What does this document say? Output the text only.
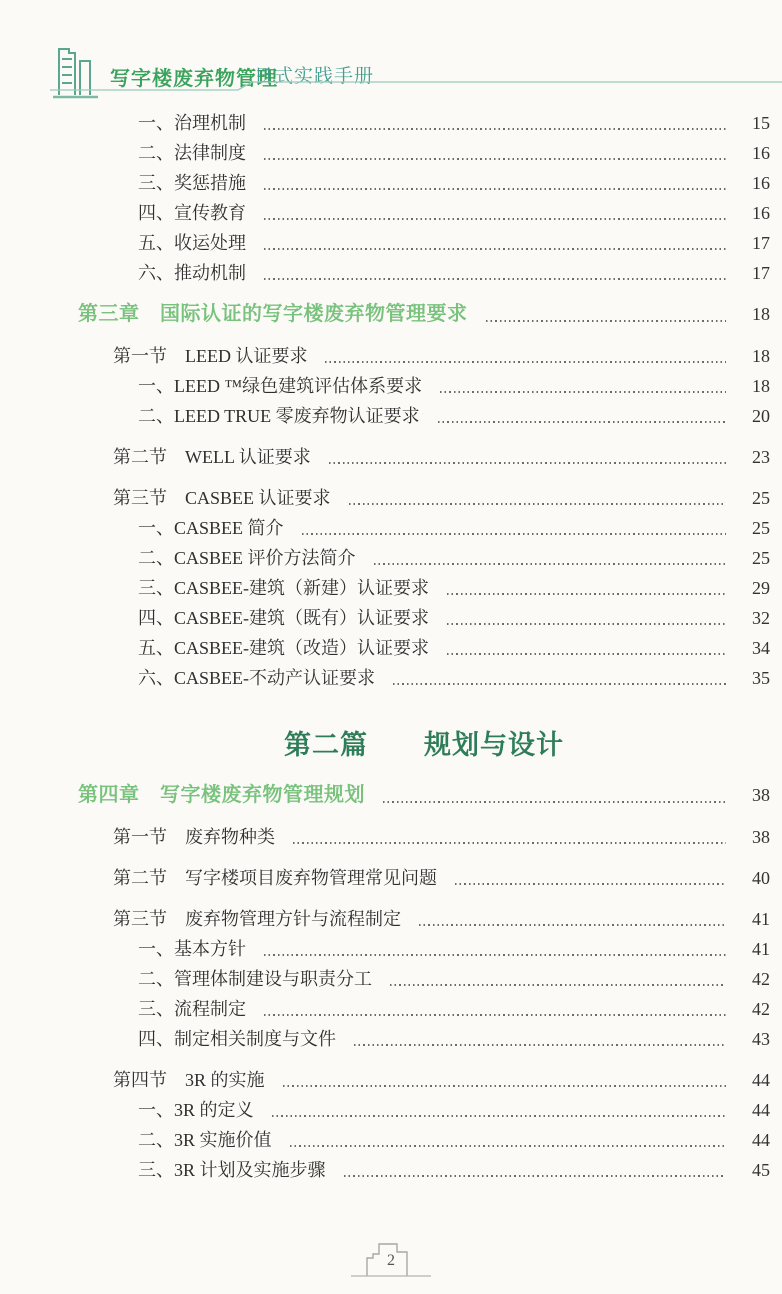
写字楼废弃物管理
日式实践手册
一、治理机制	15
二、法律制度	16
三、奖惩措施	16
四、宣传教育	16
五、收运处理	17
六、推动机制	17
第三章　国际认证的写字楼废弃物管理要求	18
第一节　LEED 认证要求	18
一、LEED ™绿色建筑评估体系要求	18
二、LEED TRUE 零废弃物认证要求	20
第二节　WELL 认证要求	23
第三节　CASBEE 认证要求	25
一、CASBEE 简介	25
二、CASBEE 评价方法简介	25
三、CASBEE-建筑（新建）认证要求	29
四、CASBEE-建筑（既有）认证要求	32
五、CASBEE-建筑（改造）认证要求	34
六、CASBEE-不动产认证要求	35
第二篇　　规划与设计
第四章　写字楼废弃物管理规划	38
第一节　废弃物种类	38
第二节　写字楼项目废弃物管理常见问题	40
第三节　废弃物管理方针与流程制定	41
一、基本方针	41
二、管理体制建设与职责分工	42
三、流程制定	42
四、制定相关制度与文件	43
第四节　3R 的实施	44
一、3R 的定义	44
二、3R 实施价值	44
三、3R 计划及实施步骤	45
2
